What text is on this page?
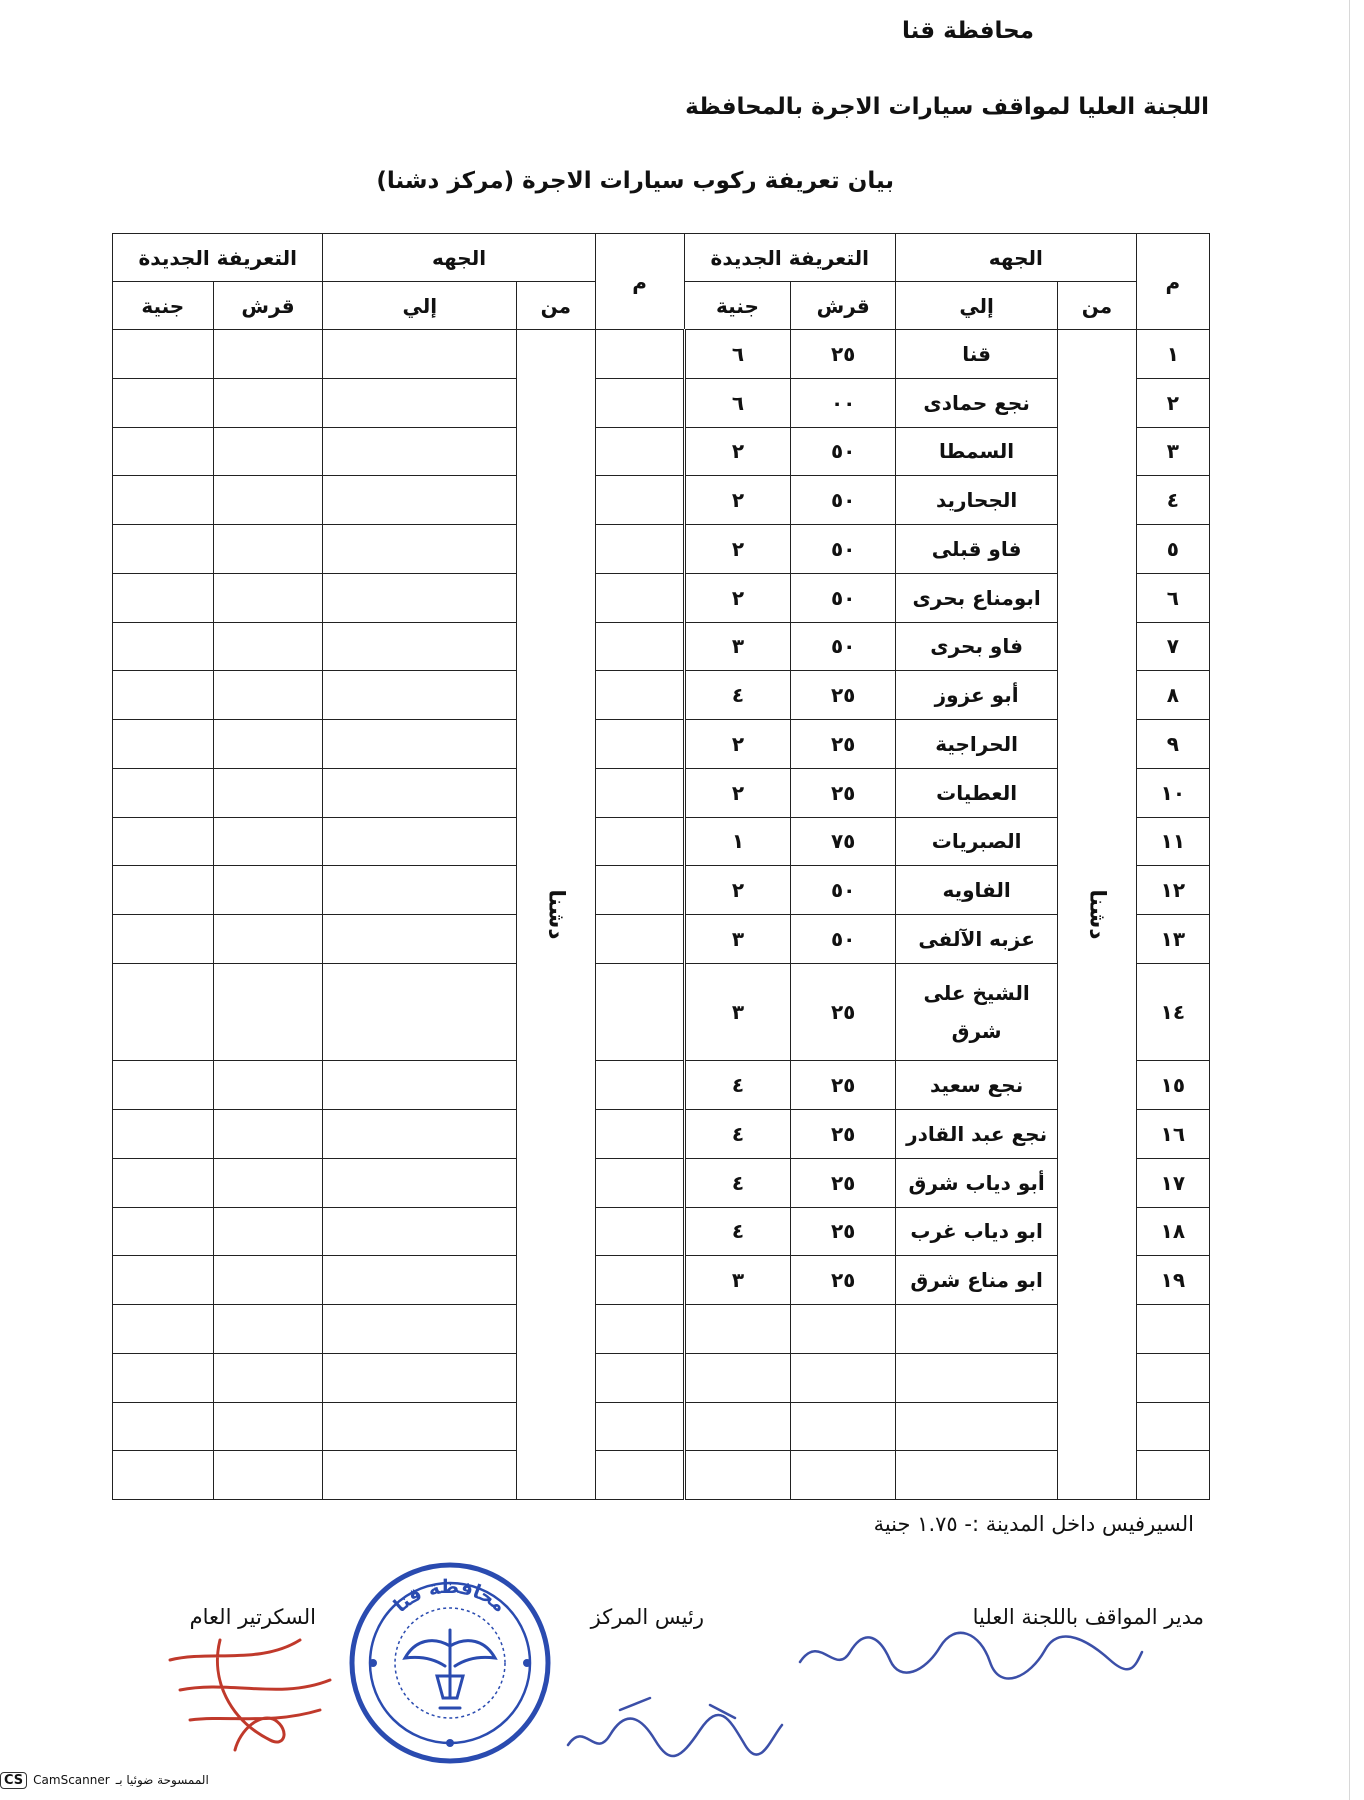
محافظة قنا
اللجنة العليا لمواقف سيارات الاجرة بالمحافظة
بيان تعريفة ركوب سيارات الاجرة (مركز دشنا)
م	الجهه		التعريفة الجديدة		م	الجهه		التعريفة الجديدة	
	من	إلي	قرش	جنية		من	إلي	قرش	جنية
١	دشنا	قنا	٢٥	٦		دشنا			
٢		نجع حمادى	٠٠	٦					
٣		السمطا	٥٠	٢					
٤		الجحاريد	٥٠	٢					
٥		فاو قبلى	٥٠	٢					
٦		ابومناع بحرى	٥٠	٢					
٧		فاو بحرى	٥٠	٣					
٨		أبو عزوز	٢٥	٤					
٩		الحراجية	٢٥	٢					
١٠		العطيات	٢٥	٢					
١١		الصبريات	٧٥	١					
١٢		الفاويه	٥٠	٢					
١٣		عزبه الآلفى	٥٠	٣					
١٤		الشيخ على شرق	٢٥	٣					
١٥		نجع سعيد	٢٥	٤					
١٦		نجع عبد القادر	٢٥	٤					
١٧		أبو دياب شرق	٢٥	٤					
١٨		ابو دياب غرب	٢٥	٤					
١٩		ابو مناع شرق	٢٥	٣					

السيرفيس داخل المدينة :- ١.٧٥ جنية
مدير المواقف باللجنة العليا
رئيس المركز
السكرتير العام	محافظة قنا
CS CamScanner الممسوحة ضوئيا بـ
